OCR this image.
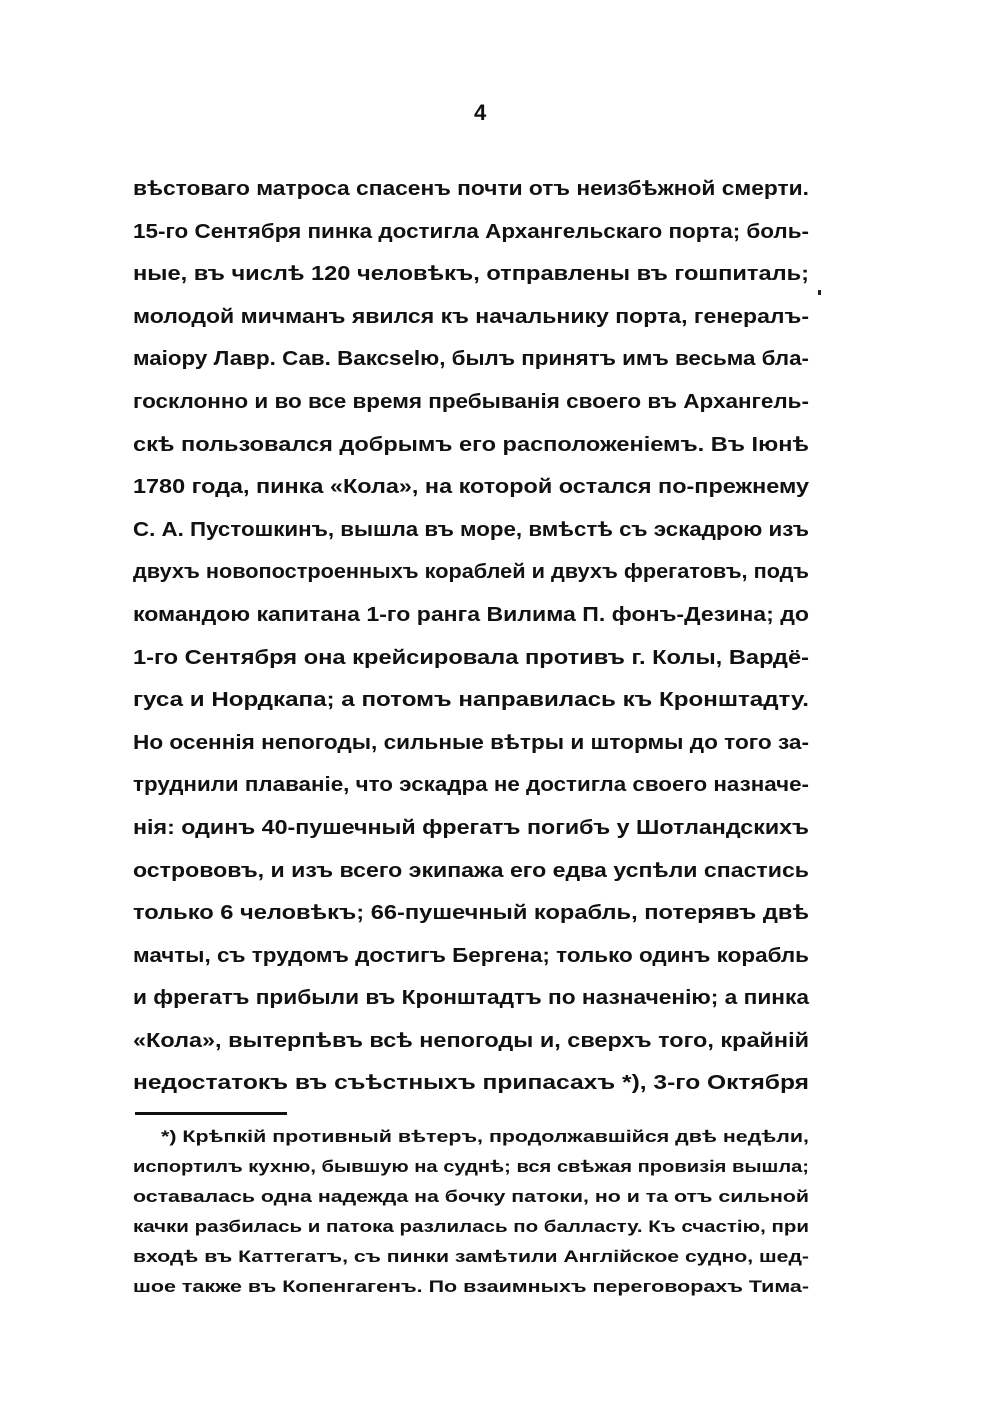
4
вѣстоваго матроса спасенъ почти отъ неизбѣжной смерти.
15-го Сентября пинка достигла Архангельскаго порта; боль-
ные, въ числѣ 120 человѣкъ, отправлены въ гошпиталь;
молодой мичманъ явился къ начальнику порта, генералъ-
маіору Лавр. Сав. Ваксselю, былъ принятъ имъ весьма бла-
госклонно и во все время пребыванія своего въ Архангель-
скѣ пользовался добрымъ его расположеніемъ. Въ Іюнѣ
1780 года, пинка «Кола», на которой остался по-прежнему
С. А. Пустошкинъ, вышла въ море, вмѣстѣ съ эскадрою изъ
двухъ новопостроенныхъ кораблей и двухъ фрегатовъ, подъ
командою капитана 1-го ранга Вилима П. фонъ-Дезина; до
1-го Сентября она крейсировала противъ г. Колы, Вардё-
гуса и Нордкапа; а потомъ направилась къ Кронштадту.
Но осеннія непогоды, сильные вѣтры и штормы до того за-
труднили плаваніе, что эскадра не достигла своего назначе-
нія: одинъ 40-пушечный фрегатъ погибъ у Шотландскихъ
острововъ, и изъ всего экипажа его едва успѣли спастись
только 6 человѣкъ; 66-пушечный корабль, потерявъ двѣ
мачты, съ трудомъ достигъ Бергена; только одинъ корабль
и фрегатъ прибыли въ Кронштадтъ по назначенію; а пинка
«Кола», вытерпѣвъ всѣ непогоды и, сверхъ того, крайній
недостатокъ въ съѣстныхъ припасахъ *), 3-го Октября
*) Крѣпкій противный вѣтеръ, продолжавшійся двѣ недѣли,
испортилъ кухню, бывшую на суднѣ; вся свѣжая провизія вышла;
оставалась одна надежда на бочку патоки, но и та отъ сильной
качки разбилась и патока разлилась по балласту. Къ счастію, при
входѣ въ Каттегатъ, съ пинки замѣтили Англійское судно, шед-
шое также въ Копенгагенъ. По взаимныхъ переговорахъ Тима-
